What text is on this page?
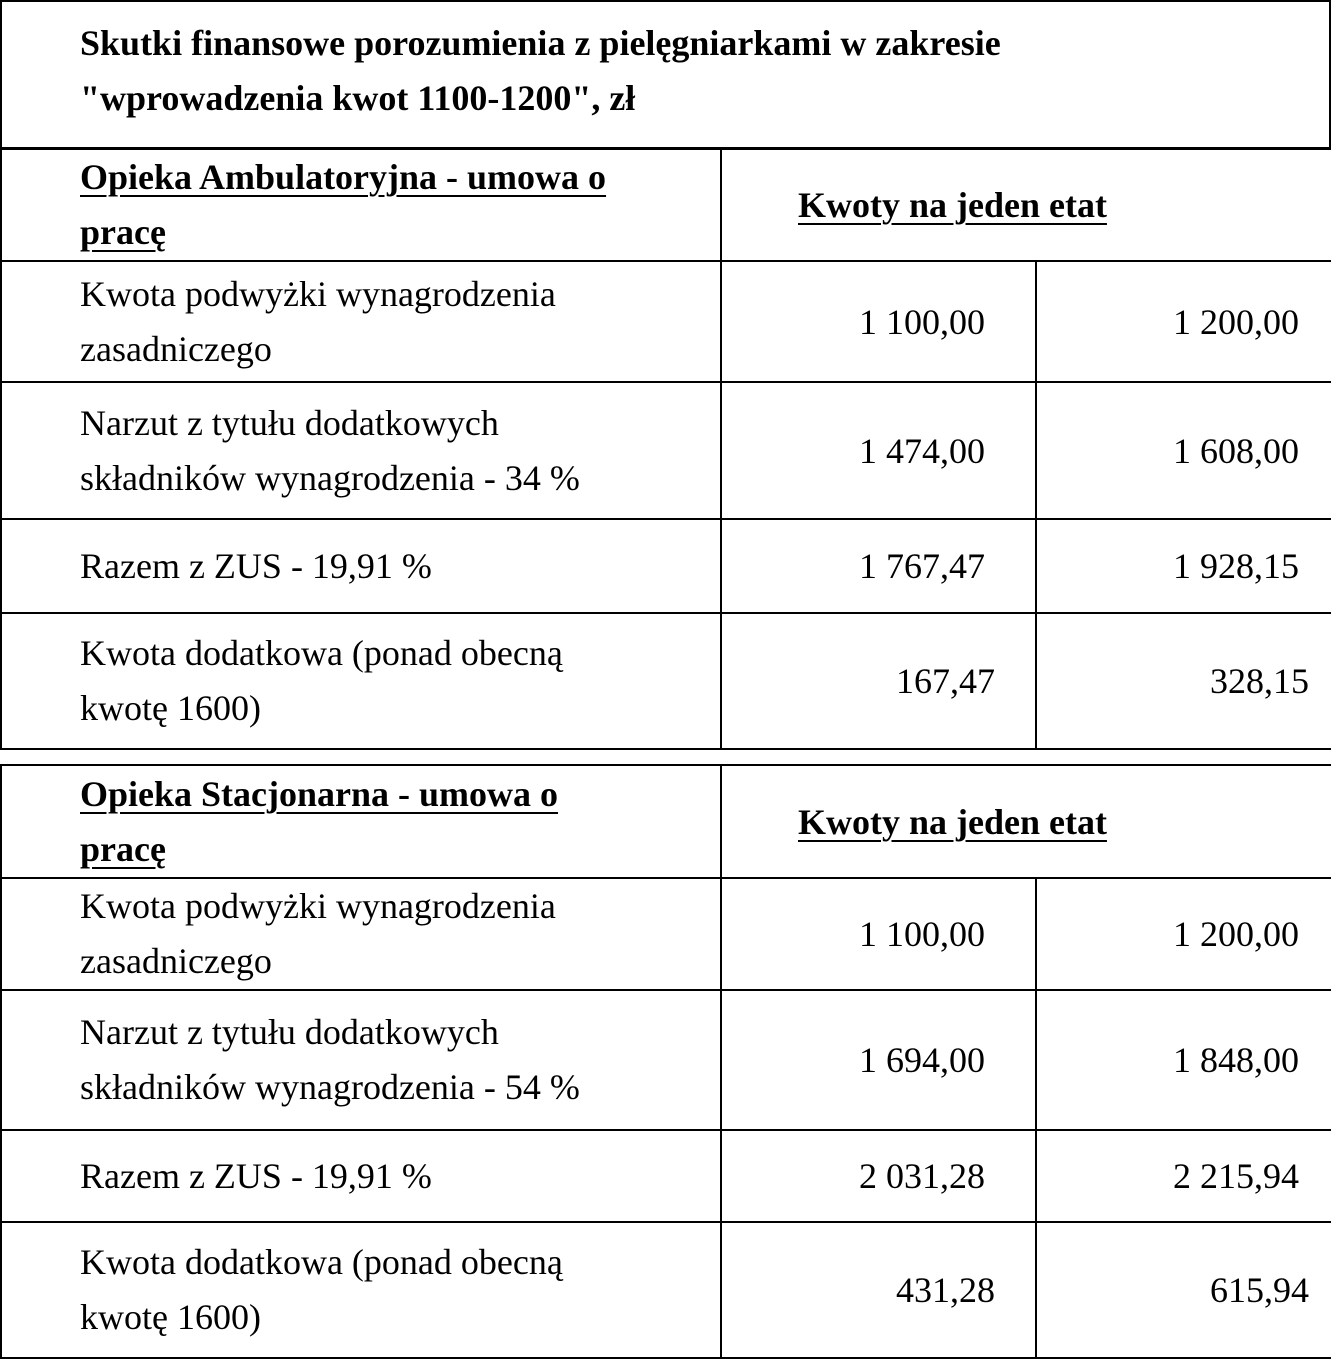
Skutki finansowe porozumienia z pielęgniarkami w zakresie
"wprowadzenia kwot 1100-1200", zł
Opieka Ambulatoryjna - umowa o
pracę	Kwoty na jeden etat	
Kwota podwyżki wynagrodzenia
zasadniczego	1 100,00	1 200,00
Narzut z tytułu dodatkowych
składników wynagrodzenia - 34 %	1 474,00	1 608,00
Razem z ZUS - 19,91 %	1 767,47	1 928,15
Kwota dodatkowa (ponad obecną
kwotę 1600)	167,47	328,15
Opieka Stacjonarna - umowa o
pracę	Kwoty na jeden etat	
Kwota podwyżki wynagrodzenia
zasadniczego	1 100,00	1 200,00
Narzut z tytułu dodatkowych
składników wynagrodzenia - 54 %	1 694,00	1 848,00
Razem z ZUS - 19,91 %	2 031,28	2 215,94
Kwota dodatkowa (ponad obecną
kwotę 1600)	431,28	615,94
